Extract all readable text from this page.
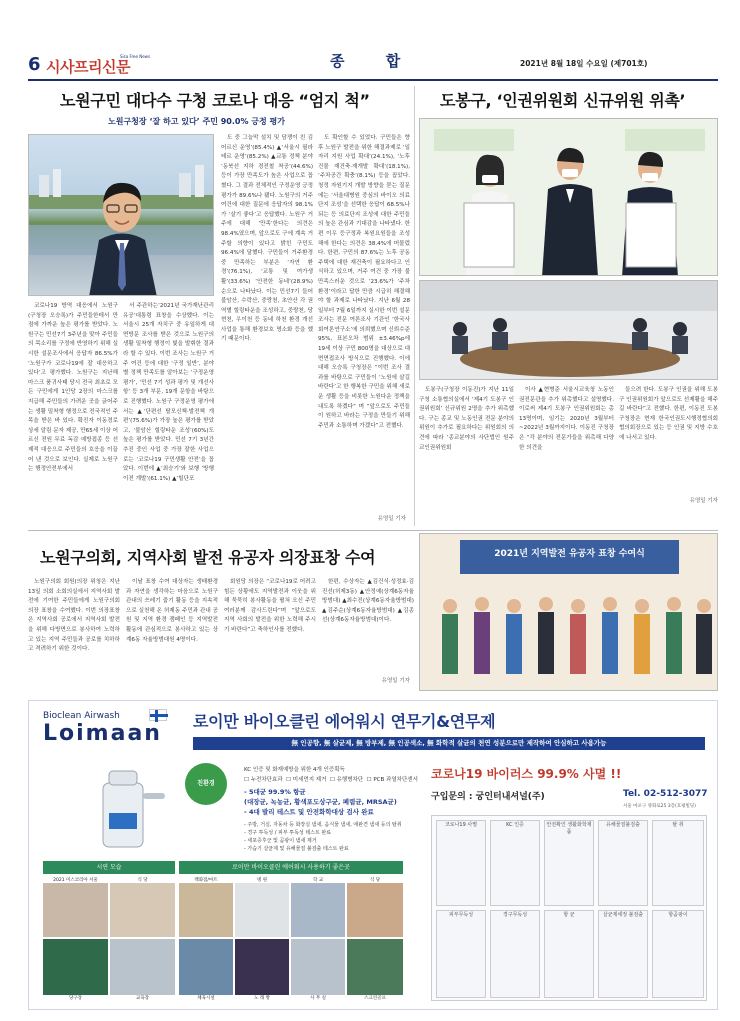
6 시사프리신문
Sisa Free News	종 합	2021년 8월 18일 수요일 (제701호)
노원구민 대다수 구청 코로나 대응 “엄지 척”
노원구청장 ‘잘 하고 있다’ 주민 90.0% 긍정 평가

코로나19 방역 대응에서 노원구(구청장 오승록)가 주민들한테서 만점에 가까운 높은 평가를 받았다. 노원구는 민선7기 3주년을 맞아 주민들의 목소리를 구정에 반영하기 위해 실시한 설문조사에서 응답자 86.5%가 ‘노원구가 코로나19에 잘 대응하고 있다’고 평가했다. 노원구는 지난해 마스크 품귀사태 당시 전국 최초로 모든 구민에게 1인당 2장의 마스크를 지급해 주민들의 가려운 곳을 긁어주는 생활 밀착형 행정으로 전국적인 주목을 받은 바 있다. 확진자 이동경로 상세 알림 문자 제공, 만65세 이상 어르신 전원 무료 독감 예방접종 등 선제적 대응으로 주민들의 호응을 이끌어 낸 것으로 보인다. 실제로 노원구는 행정안전부에서

서 주관하는‘2021년 국가재난관리유공’대통령 표창을 수상했다. 이는 서울시 25개 자치구 중 유일하게 대면방문 조사를 받은 것으로 노원구의 생활 밀착형 행정이 빛을 발휘한 결과라 할 수 있다. 이번 조사는 노원구 거주 여건 등에 대한 ‘구정 일반’, 분야별 정책 만족도를 알아보는 ‘구정운영평가’, ‘민선 7기 성과 평가 및 개선사항’ 등 3개 부문, 19개 문항을 바탕으로 진행했다. 노원구 구정운영 평가에서는 ▲‘단편선 탈모신책·발전책 개편’(75.6%)가 가장 높은 평가를 받았고, ‘불암산 힐링타운 조성’(60%)도 높은 평가를 받았다. 민선 7기 3년간 추진 중인 사업 중 가장 잘한 사업으로는 ‘코로나19 구민생활 안전’을 꼽았다. 이번에 ▲‘최승기’와 보행 ‘방행 이전 개발’(61.1%) ▲‘힐단포

도 중 그늘막 설치 및 담쟁이 친 김어르신 운영’(85.4%) ▲‘서울시 필라테르 운영’(85.2%) ▲교통 정책 분야 ‘동북선 지하 경전철 착공’(44.6%) 등이 가장 만족도가 높은 사업으로 꼽혔다. 그 결과 전체적인 구정운영 긍정 평가가 89.6%나 됐다. 노원구의 거주 여건에 대한 질문에 응답자의 98.1%가 ‘살기 좋다’고 응답했다. 노원구 거주에 대해 ‘만족’한다는 의견은 98.4%였으며, 앞으로도 구에 계속 거주할 의향이 있다고 밝힌 구민도 96.4%에 달했다. 구민들이 거주환경 중 만족하는 부분은 ‘자연 환경’(76.1%), ‘교통 및 여가생활’(33.6%) ‘안전한 동네’(28.9%) 순으로 나타났다. 이는 민선7기 들어 불암산, 수락산, 중랑천, 초안산 각 권역별 힐링타운을 조성하고, 중랑천, 당현천, 우이천 등 동네 하천 환경 개선 사업을 통해 환경보호 명소화 등을 했기 때문이다.

도 확인할 수 있었다. 구민들은 향후 노원구 발전을 위한 해결과제로 ‘일자리 지원 사업 확대’(24.1%), ‘노후 건물 재건축·재개발 확대’(18.1%), ‘주차공간 확충’(8.1%) 등을 꼽았다. 청정 자원기지 개발 방향을 묻는 질문에는 ‘서울대병원 중심의 바이오 의료단지 조성’을 선택한 응답이 68.5%나 되는 등 의료단지 조성에 대한 주민들의 높은 관심과 기대감을 나타냈다. 한편 이우 등구정과 복원요원들을 조성해에 한다는 의견은 38.4%에 머물렀다. 한편, 구민의 87.6%는 노후 공동주택에 대한 재건축이 필요하다고 인식하고 있으며, 거주 여건 중 가장 불만족스러운 것으로 ‘23.6%가 ‘주차 환경’이라고 답한 만큼 시급히 해결해야 할 과제로 나타났다. 지난 6월 28일부터 7월 6일까지 실시한 이번 설문조사는 전문 여론조사 기관인 ‘한국사회여론연구소’에 의뢰했으며 신뢰수준 95%, 표본오차 범위 ±3.46%p에 19세 이상 구민 800명을 대상으로 대면면접조사 방식으로 진행했다. 이에 대해 오승록 구청장은 “이번 조사 결과를 바탕으로 구민들이 ‘노원에 살길 바란다’고 한 행복한 구민을 위해 새로 운 생활 등을 비롯한 노원다운 정책을 내도록 하겠다” 며 “앞으로도 주민들이 원하고 바라는 구정을 만들기 위해 주민과 소통하며 가겠다”고 전했다.

유영일 기자
도봉구, ‘인권위원회 신규위원 위촉’

도봉구(구청장 이동진)가 지난 11일 구청 소통협의실에서 ‘제4기 도봉구 인권위원회’ 신규위원 2명을 추가 위촉했다. 구는 종교 및 노동인권 전문 분야의 위원이 추가로 필요하다는 위원회의 의견에 따라 ‘종교분야의 사단법인 원주교인권위원회

이사 ▲현병준 서울시교육청 노동인권전문관을 추가 위촉했다고 설명했다. 이로써 제4기 도봉구 인권위원회는 총 13명이며, 임기는 2020년 3월부터~2022년 3월까지이다. 이동진 구청장은 “각 분야의 전문가들을 위촉해 다양한 의견을

들으려 한다. 도봉구 인권을 위해 도봉구 인권위원회가 앞으로도 선제활을 해주길 바란다”고 전했다. 한편, 이동진 도봉구청장은 현재 한국인권도시행정협의회 협의회장으로 있는 등 인권 및 지방 수호에 나서고 있다.

유영일 기자
노원구의회, 지역사회 발전 유공자 의장표창 수여

노원구의회 회원(의장 위청은 지난 13일 의회 소회의실에서 지역사회 발전에 기여한 주민들에게 노원구의회 의장 표창을 수여했다. 이번 의장표창은 지역사회 공로에서 지역사회 발전을 위해 다방면으로 봉사하여 노력하고 있는 지역 주민들과 공로를 치하하고 격려하기 위한 것이다.

이날 표창 수여 대상자는 생태환경과 자연을 생각하는 마음으로 노원구 관내의 쓰레기 줍기 활동 등을 지속적으로 실천해 온 허제동 주민과 관내 공원 및 지역 환경 캠페인 등 지역발전 활동에 관심적으로 봉사하고 있는 상계6동 자율방범대원 4명이다.

회원당 의장은 “코로나19로 어려고 힘든 상황에도 지역발전과 이웃을 위해 묵묵히 봉사활동을 펼쳐 오신 주민 여러분께 감사드린다”며 “앞으로도 지역 사회의 발전을 위한 노력해 주시기 바란다”고 축하인사를 전했다.

한편, 수상자는 ▲김건식·성정효·김진선(허제3동) ▲안정예(상계6동자율방범대) ▲최수진(상계6동자율방범대) ▲김주순(상계6동자율방범대) ▲김종선(상계6동자율방범대)이다.

유영일 기자
2021년 지역발전 유공자 표창 수여식
Bioclean Airwash
Loimaan 로이만 바이오클린 에어워시 연무기&연무제
無 인공향, 無 살균제, 無 방부제, 無 인공색소, 無 화학적 살균의 천연 성분으로만 제작하여 안심하고 사용가능
친환경
KC 인증 및 화재예방을 위한 4개 인증획득
☐ 누전차단효과 ☐ 미세먼지 제거 ☐ 유행병차단 ☐ PCB 과열차단센서
- 5대균 99.9% 항균
(대장균, 녹농균, 황색포도상구균, 폐렴균, MRSA균)
- 4대 발리 테스트 및 안전화학대상 검사 완료
- 주방, 거실, 자동차 등 화장실 냄새, 음식물 냄새, 애완견 냄새 등의 탈취
- 경구 투독성 / 피부 투독성 테스트 완료
- 세포증후군 및 곰팡이 냄새 제거
- 가습기 살균제 및 유해물질 불검출 테스트 완료
코로나19 바이러스 99.9% 사멸 !!
구입문의 : 궁인터내셔널(주)	Tel. 02-512-3077
서울 마포구 양화로25 3층(호평빌딩)
시연 모습	로이만 바이오클린 에어워시 사용하기 좋은곳
2021 미스코리아 서울	식 당
당구장	교육장
백화점/마트	병 원	학 교	식 당
체육시설	노 래 방	사 무 실	스크린골프
코로나19 사멸	KC 인증	안전확인 생활화학제품
유해물질불검출	탈 취
피부무독성	경구무독성	항 균	살균제세정 불검출	항곰팡이
